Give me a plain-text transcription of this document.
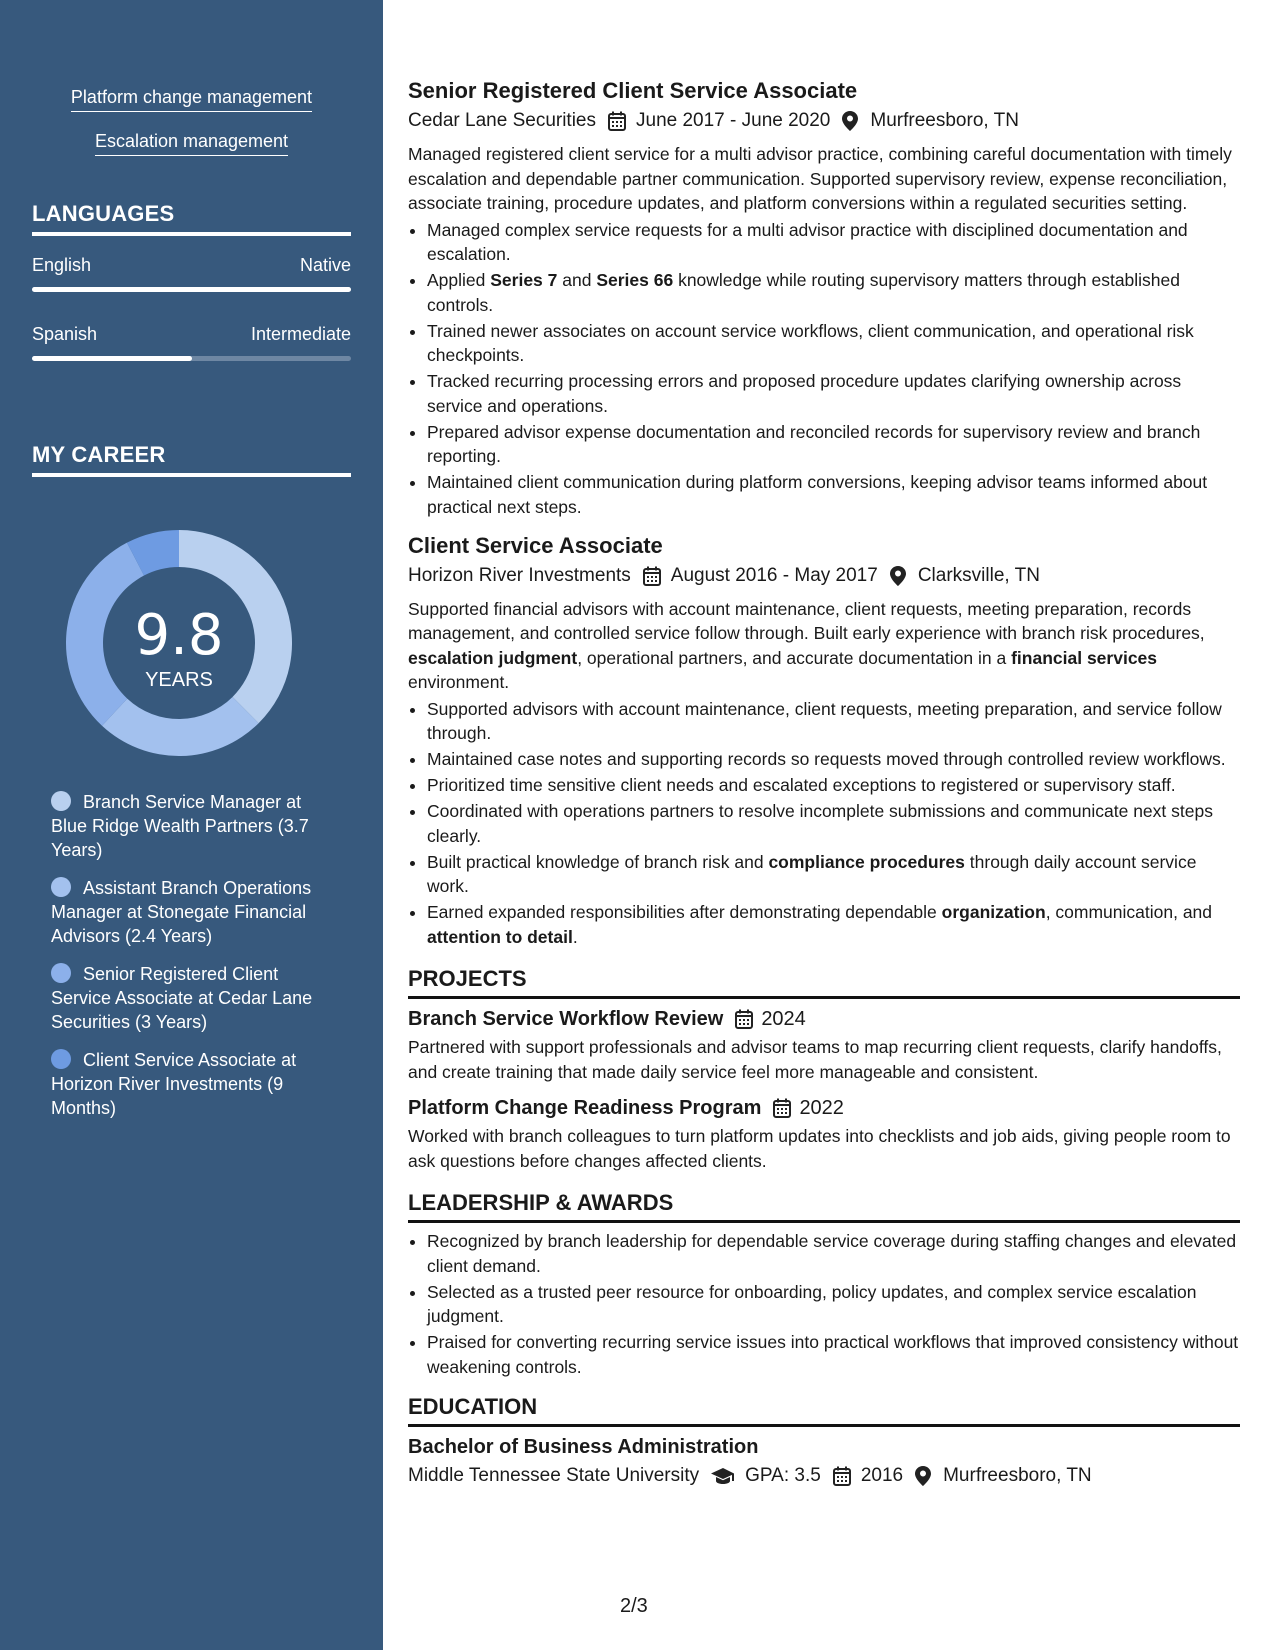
Platform change management
Escalation management
LANGUAGES
English	Native
Spanish	Intermediate
MY CAREER
9.8
YEARS
Branch Service Manager at Blue Ridge Wealth Partners (3.7 Years)
Assistant Branch Operations Manager at Stonegate Financial Advisors (2.4 Years)
Senior Registered Client Service Associate at Cedar Lane Securities (3 Years)
Client Service Associate at Horizon River Investments (9 Months)
Senior Registered Client Service Associate
Cedar Lane Securities June 2017 - June 2020 Murfreesboro, TN
Managed registered client service for a multi advisor practice, combining careful documentation with timely escalation and dependable partner communication. Supported supervisory review, expense reconciliation, associate training, procedure updates, and platform conversions within a regulated securities setting.
• Managed complex service requests for a multi advisor practice with disciplined documentation and escalation.
• Applied Series 7 and Series 66 knowledge while routing supervisory matters through established controls.
• Trained newer associates on account service workflows, client communication, and operational risk checkpoints.
• Tracked recurring processing errors and proposed procedure updates clarifying ownership across service and operations.
• Prepared advisor expense documentation and reconciled records for supervisory review and branch reporting.
• Maintained client communication during platform conversions, keeping advisor teams informed about practical next steps.
Client Service Associate
Horizon River Investments August 2016 - May 2017 Clarksville, TN
Supported financial advisors with account maintenance, client requests, meeting preparation, records management, and controlled service follow through. Built early experience with branch risk procedures, escalation judgment, operational partners, and accurate documentation in a financial services environment.
• Supported advisors with account maintenance, client requests, meeting preparation, and service follow through.
• Maintained case notes and supporting records so requests moved through controlled review workflows.
• Prioritized time sensitive client needs and escalated exceptions to registered or supervisory staff.
• Coordinated with operations partners to resolve incomplete submissions and communicate next steps clearly.
• Built practical knowledge of branch risk and compliance procedures through daily account service work.
• Earned expanded responsibilities after demonstrating dependable organization, communication, and attention to detail.
PROJECTS
Branch Service Workflow Review 2024
Partnered with support professionals and advisor teams to map recurring client requests, clarify handoffs, and create training that made daily service feel more manageable and consistent.
Platform Change Readiness Program 2022
Worked with branch colleagues to turn platform updates into checklists and job aids, giving people room to ask questions before changes affected clients.
LEADERSHIP & AWARDS
• Recognized by branch leadership for dependable service coverage during staffing changes and elevated client demand.
• Selected as a trusted peer resource for onboarding, policy updates, and complex service escalation judgment.
• Praised for converting recurring service issues into practical workflows that improved consistency without weakening controls.
EDUCATION
Bachelor of Business Administration
Middle Tennessee State University GPA: 3.5 2016 Murfreesboro, TN
2/3
